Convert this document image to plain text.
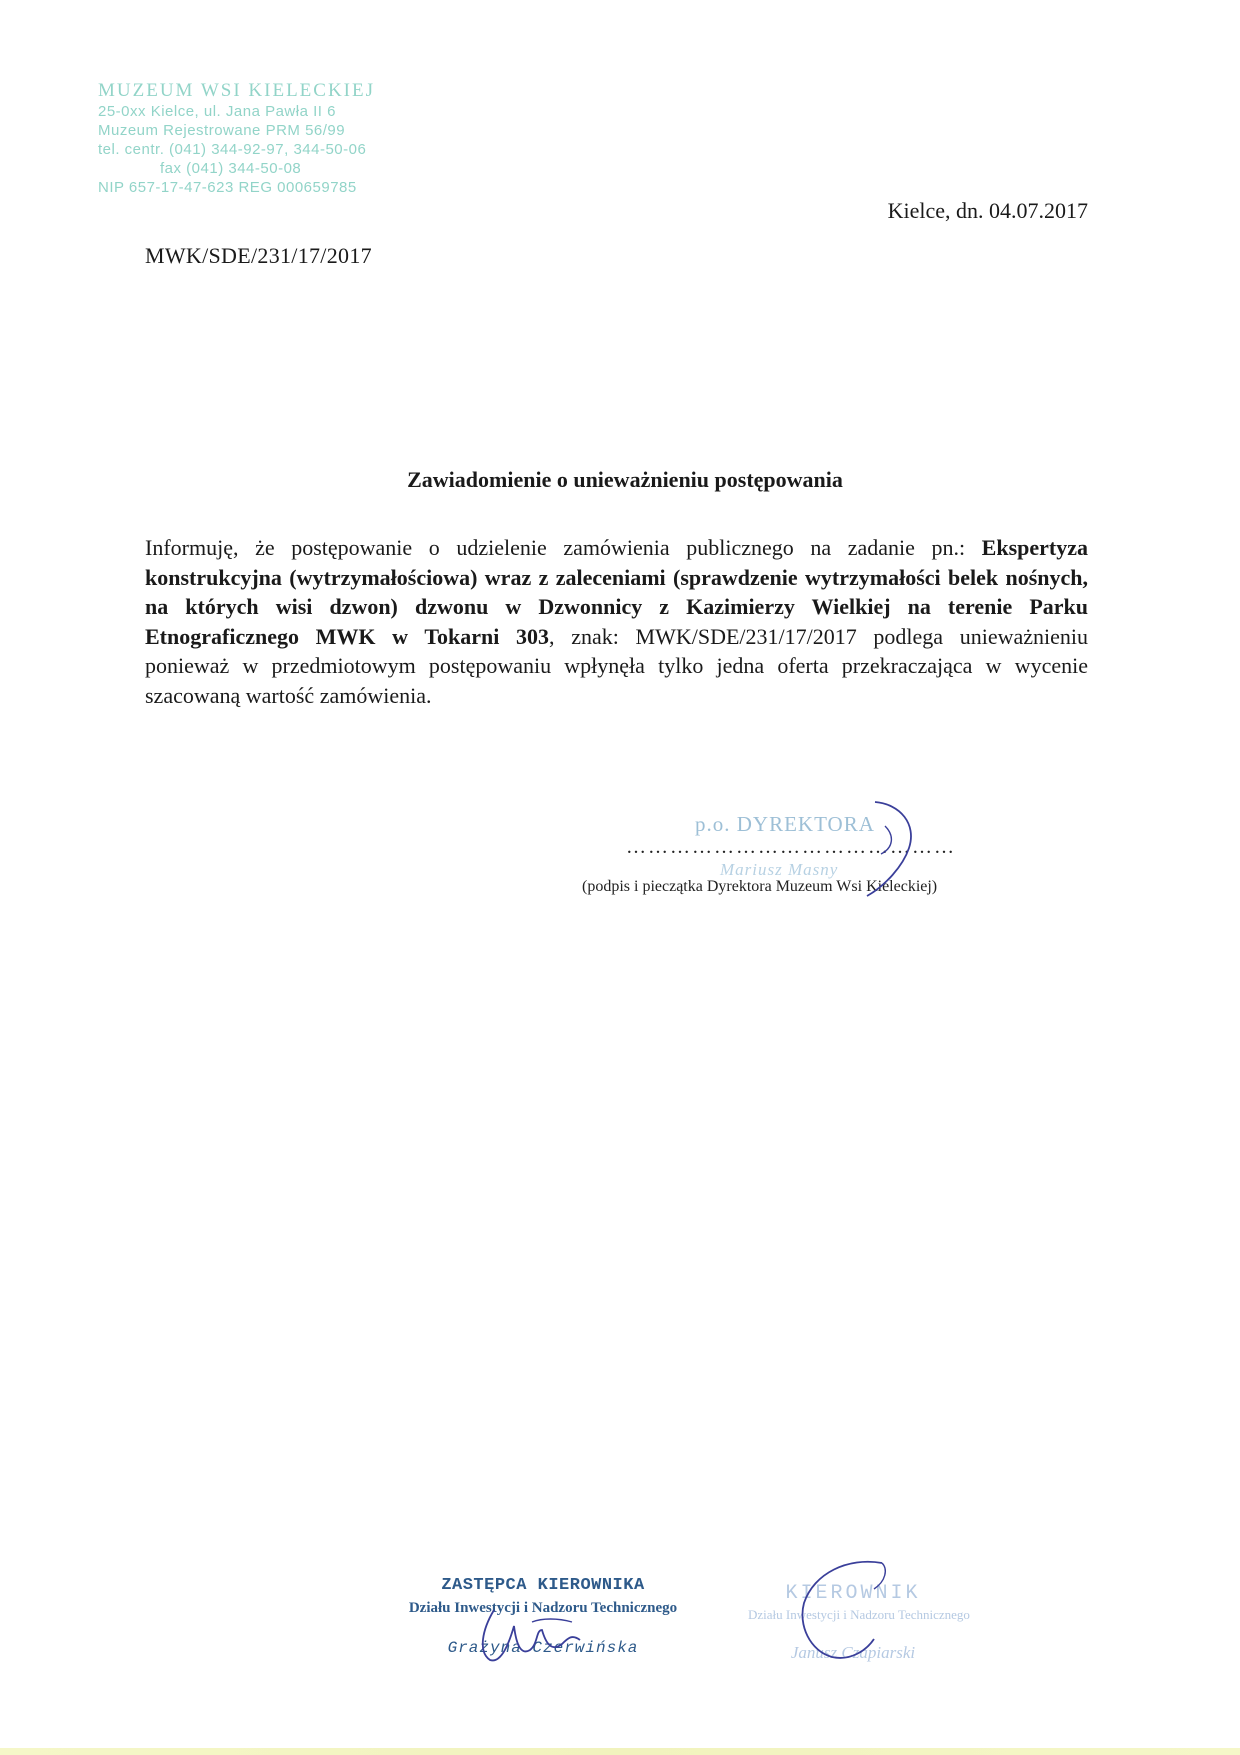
MUZEUM WSI KIELECKIEJ
25-0xx Kielce, ul. Jana Pawła II 6
Muzeum Rejestrowane PRM 56/99
tel. centr. (041) 344-92-97, 344-50-06
fax (041) 344-50-08
NIP 657-17-47-623 REG 000659785
Kielce, dn. 04.07.2017
MWK/SDE/231/17/2017
Zawiadomienie o unieważnieniu postępowania
Informuję, że postępowanie o udzielenie zamówienia publicznego na zadanie pn.: Ekspertyza konstrukcyjna (wytrzymałościowa) wraz z zaleceniami (sprawdzenie wytrzymałości belek nośnych, na których wisi dzwon) dzwonu w Dzwonnicy z Kazimierzy Wielkiej na terenie Parku Etnograficznego MWK w Tokarni 303, znak: MWK/SDE/231/17/2017 podlega unieważnieniu ponieważ w przedmiotowym postępowaniu wpłynęła tylko jedna oferta przekraczająca w wycenie szacowaną wartość zamówienia.
p.o. DYREKTORA
………………………………………
Mariusz Masny
(podpis i pieczątka Dyrektora Muzeum Wsi Kieleckiej)
ZASTĘPCA KIEROWNIKA
Działu Inwestycji i Nadzoru Technicznego
Grażyna Czerwińska
KIEROWNIK
Działu Inwestycji i Nadzoru Technicznego
Janusz Czapiarski
